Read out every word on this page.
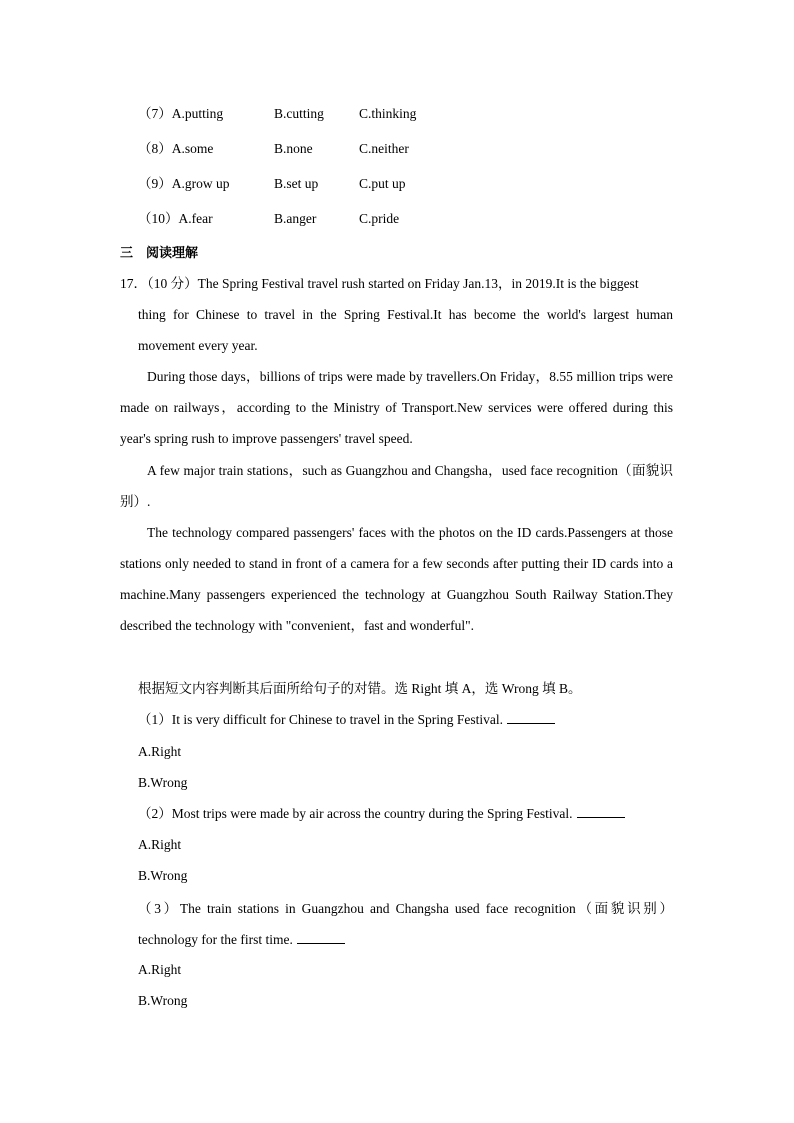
（7）A.putting	B.cutting	C.thinking
（8）A.some	B.none	C.neither
（9）A.grow up	B.set up	C.put up
（10）A.fear	B.anger	C.pride
三　阅读理解
17．（10 分）The Spring Festival travel rush started on Friday Jan.13，in 2019.It is the biggest
thing for Chinese to travel in the Spring Festival.It has become the world's largest human movement every year.
During those days，billions of trips were made by travellers.On Friday，8.55 million trips were made on railways，according to the Ministry of Transport.New services were offered during this year's spring rush to improve passengers' travel speed.
A few major train stations，such as Guangzhou and Changsha，used face recognition（面貌识别）.
The technology compared passengers' faces with the photos on the ID cards.Passengers at those stations only needed to stand in front of a camera for a few seconds after putting their ID cards into a machine.Many passengers experienced the technology at Guangzhou South Railway Station.They described the technology with "convenient，fast and wonderful".
根据短文内容判断其后面所给句子的对错。选 Right 填 A，选 Wrong 填 B。
（1）It is very difficult for Chinese to travel in the Spring Festival.
A.Right
B.Wrong
（2）Most trips were made by air across the country during the Spring Festival.
A.Right
B.Wrong
（3）The train stations in Guangzhou and Changsha used face recognition（面貌识别）technology for the first time.
A.Right
B.Wrong
